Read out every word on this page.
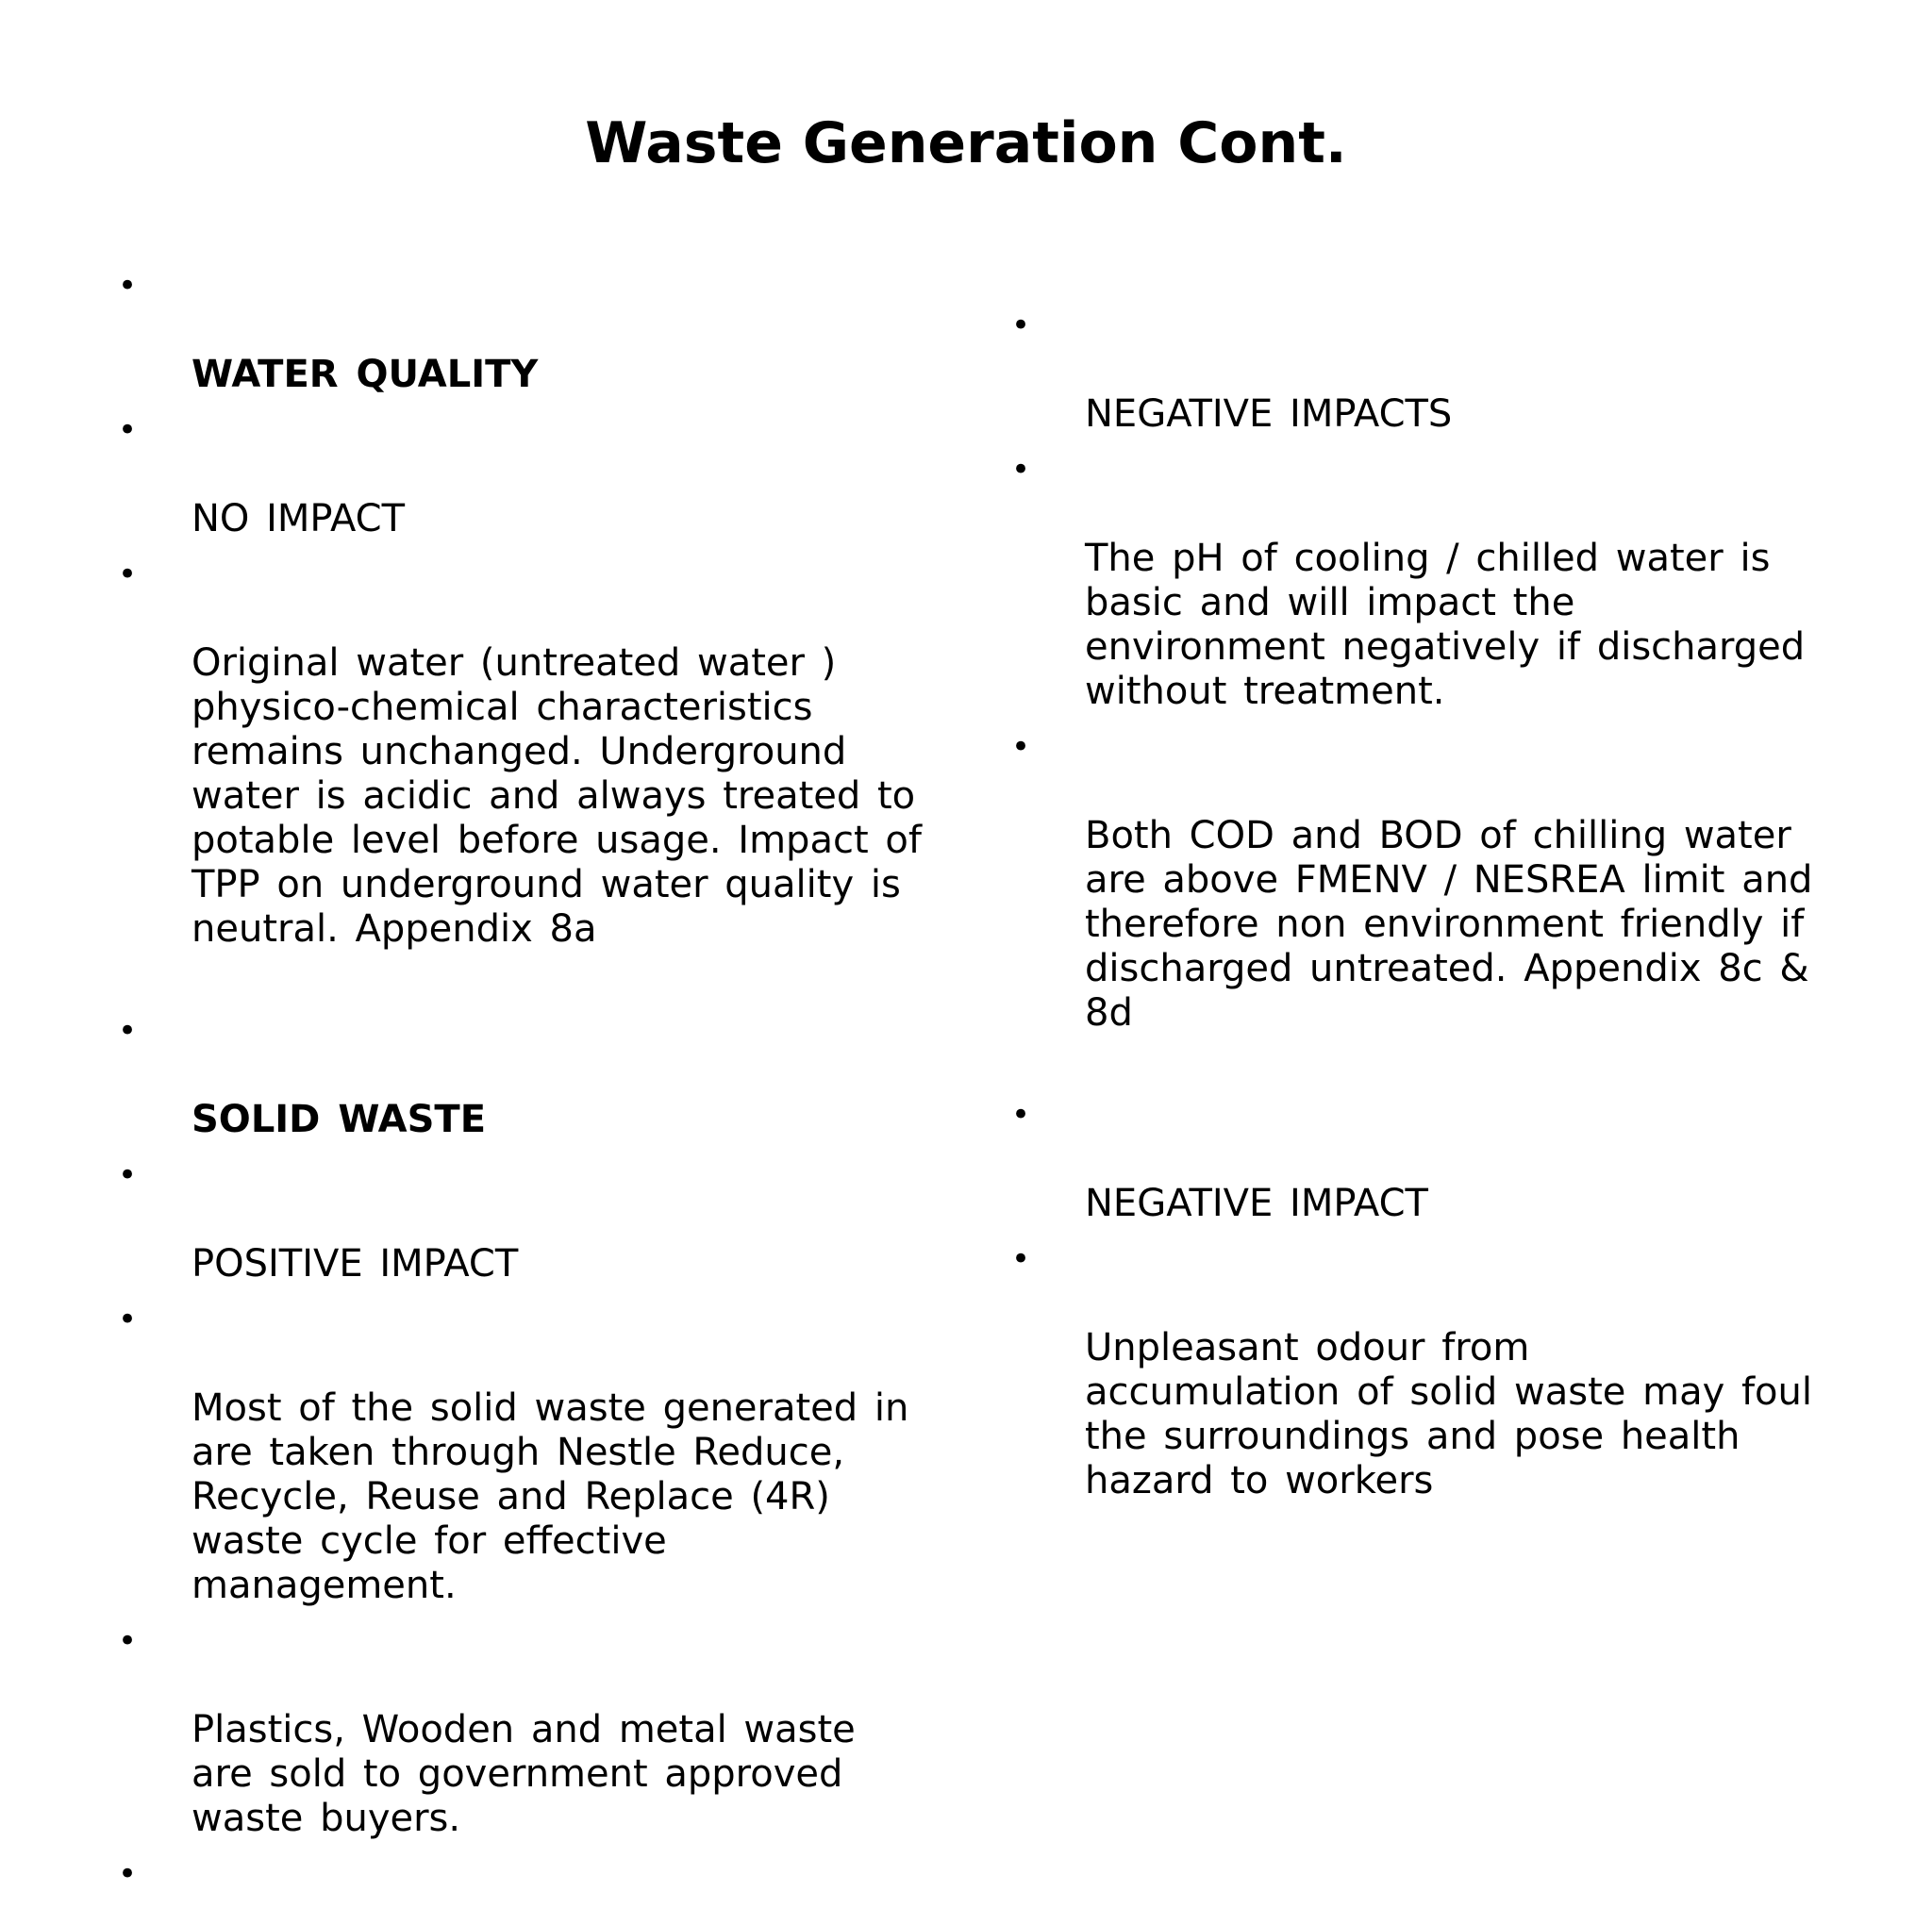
Waste Generation Cont.

•

WATER QUALITY

•

NO IMPACT

•

Original water (untreated water )
physico-chemical characteristics
remains unchanged. Underground
water is acidic and always treated to
potable level before usage. Impact of
TPP on underground water quality is
neutral. Appendix 8a

•

SOLID WASTE

•

POSITIVE IMPACT

•

Most of the solid waste generated in
are taken through Nestle Reduce,
Recycle, Reuse and Replace (4R)
waste cycle for effective
management.

•

Plastics, Wooden and metal waste
are sold to government approved
waste buyers.

•

•

NEGATIVE IMPACTS

•

The pH of cooling / chilled water is
basic and will impact the
environment negatively if discharged
without treatment.

•

Both COD and BOD of chilling water
are above FMENV / NESREA limit and
therefore non environment friendly if
discharged untreated. Appendix 8c &
8d

•

NEGATIVE IMPACT

•

Unpleasant odour from
accumulation of solid waste may foul
the surroundings and pose health
hazard to workers
